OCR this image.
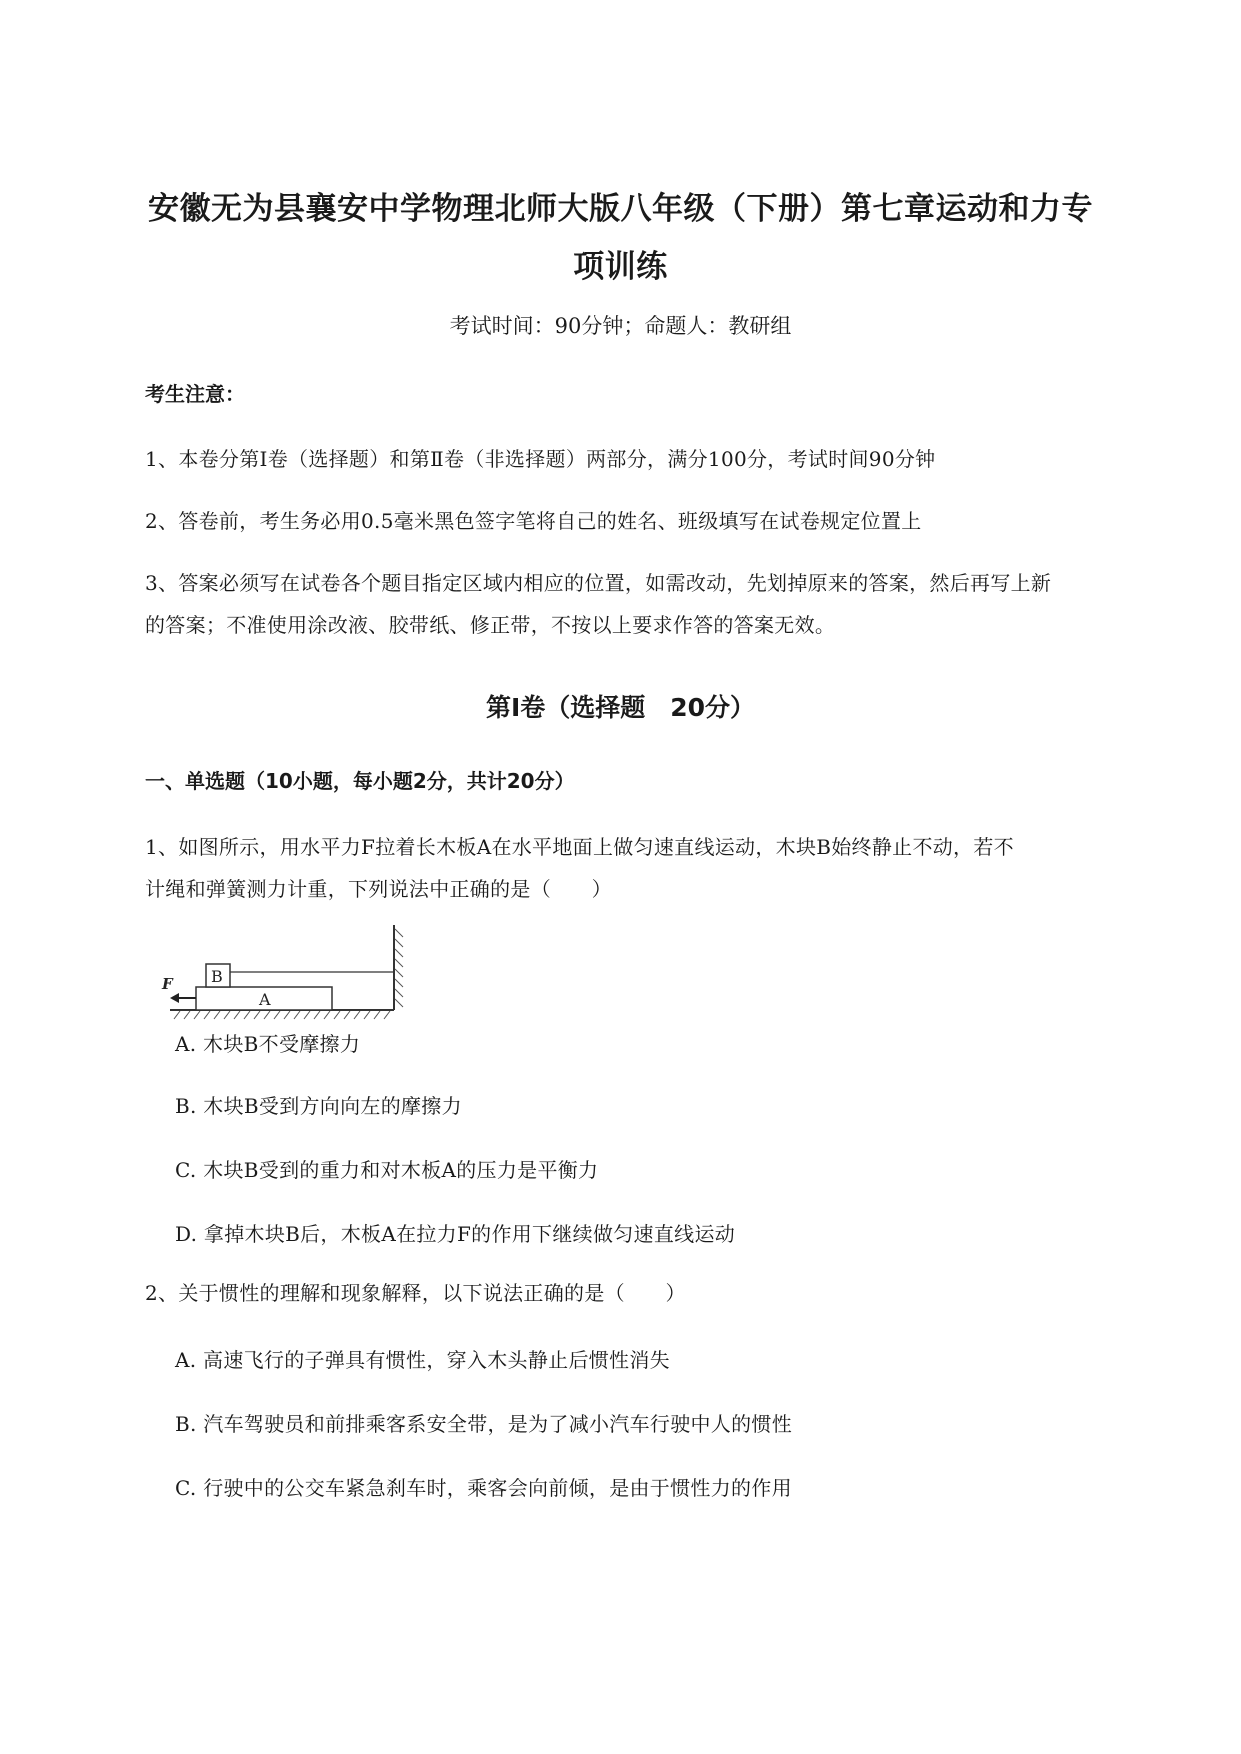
安徽无为县襄安中学物理北师大版八年级（下册）第七章运动和力专
项训练
考试时间：90分钟；命题人：教研组
考生注意：
1、本卷分第Ⅰ卷（选择题）和第Ⅱ卷（非选择题）两部分，满分100分，考试时间90分钟
2、答卷前，考生务必用0.5毫米黑色签字笔将自己的姓名、班级填写在试卷规定位置上
3、答案必须写在试卷各个题目指定区域内相应的位置，如需改动，先划掉原来的答案，然后再写上新
的答案；不准使用涂改液、胶带纸、修正带，不按以上要求作答的答案无效。
第Ⅰ卷（选择题　20分）
一、单选题（10小题，每小题2分，共计20分）
1、如图所示，用水平力F拉着长木板A在水平地面上做匀速直线运动，木块B始终静止不动，若不
计绳和弹簧测力计重，下列说法中正确的是（　　）
A
B
F
A. 木块B不受摩擦力
B. 木块B受到方向向左的摩擦力
C. 木块B受到的重力和对木板A的压力是平衡力
D. 拿掉木块B后，木板A在拉力F的作用下继续做匀速直线运动
2、关于惯性的理解和现象解释，以下说法正确的是（　　）
A. 高速飞行的子弹具有惯性，穿入木头静止后惯性消失
B. 汽车驾驶员和前排乘客系安全带，是为了减小汽车行驶中人的惯性
C. 行驶中的公交车紧急刹车时，乘客会向前倾，是由于惯性力的作用
